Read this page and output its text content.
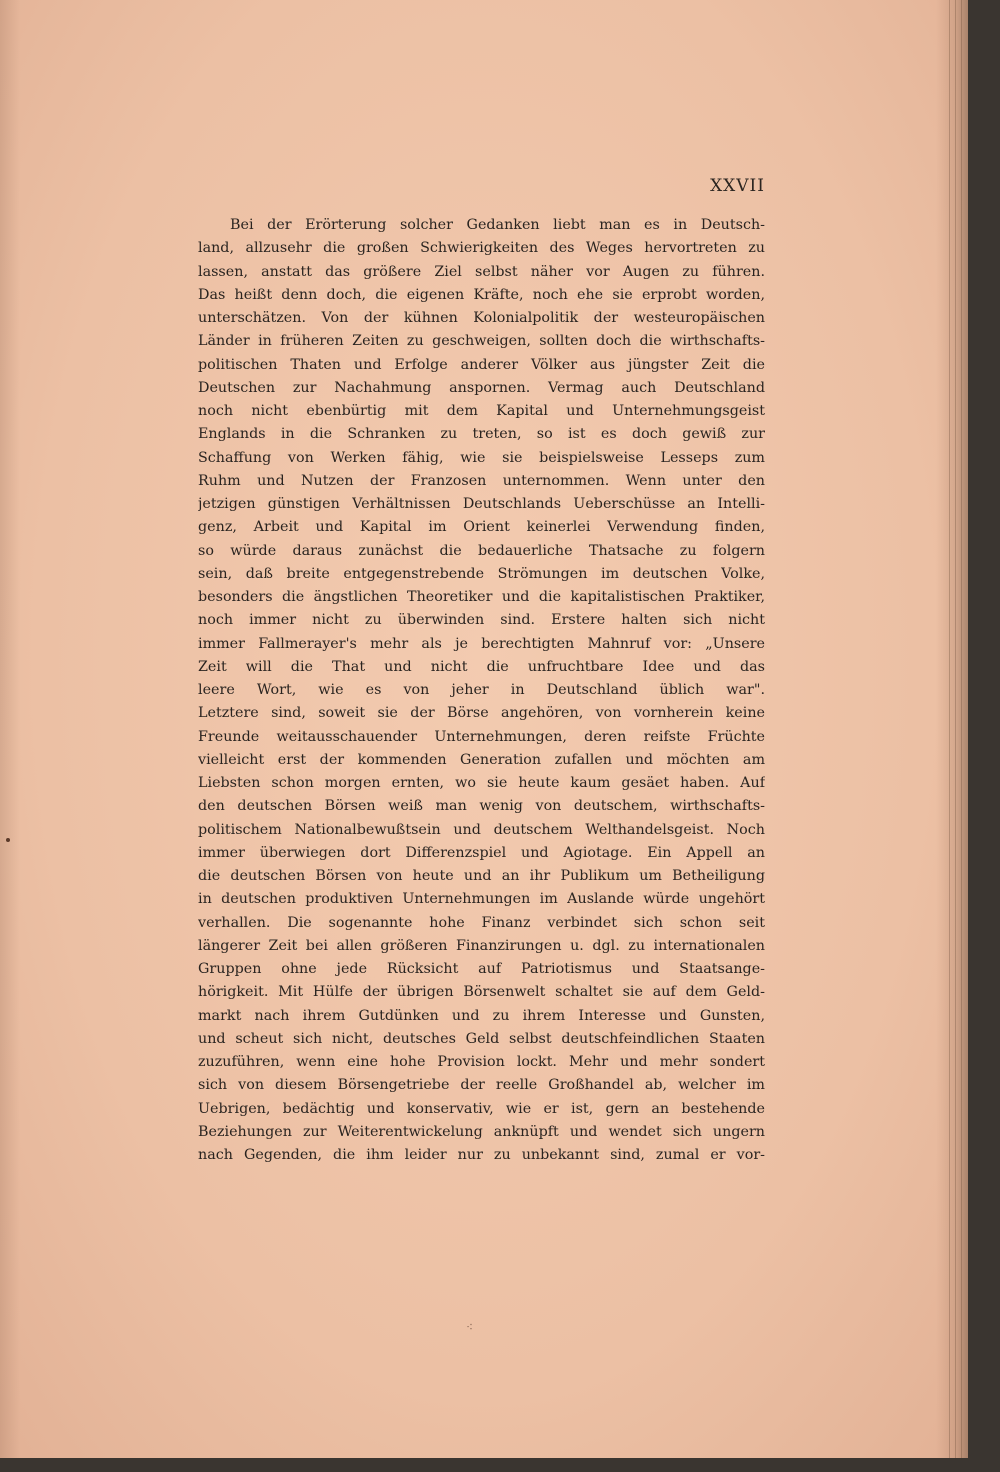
XXVII
Bei der Erörterung solcher Gedanken liebt man es in Deutsch-
land, allzusehr die großen Schwierigkeiten des Weges hervortreten zu
lassen, anstatt das größere Ziel selbst näher vor Augen zu führen.
Das heißt denn doch, die eigenen Kräfte, noch ehe sie erprobt worden,
unterschätzen. Von der kühnen Kolonialpolitik der westeuropäischen
Länder in früheren Zeiten zu geschweigen, sollten doch die wirthschafts-
politischen Thaten und Erfolge anderer Völker aus jüngster Zeit die
Deutschen zur Nachahmung anspornen. Vermag auch Deutschland
noch nicht ebenbürtig mit dem Kapital und Unternehmungsgeist
Englands in die Schranken zu treten, so ist es doch gewiß zur
Schaffung von Werken fähig, wie sie beispielsweise Lesseps zum
Ruhm und Nutzen der Franzosen unternommen. Wenn unter den
jetzigen günstigen Verhältnissen Deutschlands Ueberschüsse an Intelli-
genz, Arbeit und Kapital im Orient keinerlei Verwendung finden,
so würde daraus zunächst die bedauerliche Thatsache zu folgern
sein, daß breite entgegenstrebende Strömungen im deutschen Volke,
besonders die ängstlichen Theoretiker und die kapitalistischen Praktiker,
noch immer nicht zu überwinden sind. Erstere halten sich nicht
immer Fallmerayer's mehr als je berechtigten Mahnruf vor: „Unsere
Zeit will die That und nicht die unfruchtbare Idee und das
leere Wort, wie es von jeher in Deutschland üblich war".
Letztere sind, soweit sie der Börse angehören, von vornherein keine
Freunde weitausschauender Unternehmungen, deren reifste Früchte
vielleicht erst der kommenden Generation zufallen und möchten am
Liebsten schon morgen ernten, wo sie heute kaum gesäet haben. Auf
den deutschen Börsen weiß man wenig von deutschem, wirthschafts-
politischem Nationalbewußtsein und deutschem Welthandelsgeist. Noch
immer überwiegen dort Differenzspiel und Agiotage. Ein Appell an
die deutschen Börsen von heute und an ihr Publikum um Betheiligung
in deutschen produktiven Unternehmungen im Auslande würde ungehört
verhallen. Die sogenannte hohe Finanz verbindet sich schon seit
längerer Zeit bei allen größeren Finanzirungen u. dgl. zu internationalen
Gruppen ohne jede Rücksicht auf Patriotismus und Staatsange-
hörigkeit. Mit Hülfe der übrigen Börsenwelt schaltet sie auf dem Geld-
markt nach ihrem Gutdünken und zu ihrem Interesse und Gunsten,
und scheut sich nicht, deutsches Geld selbst deutschfeindlichen Staaten
zuzuführen, wenn eine hohe Provision lockt. Mehr und mehr sondert
sich von diesem Börsengetriebe der reelle Großhandel ab, welcher im
Uebrigen, bedächtig und konservativ, wie er ist, gern an bestehende
Beziehungen zur Weiterentwickelung anknüpft und wendet sich ungern
nach Gegenden, die ihm leider nur zu unbekannt sind, zumal er vor-
⁖
